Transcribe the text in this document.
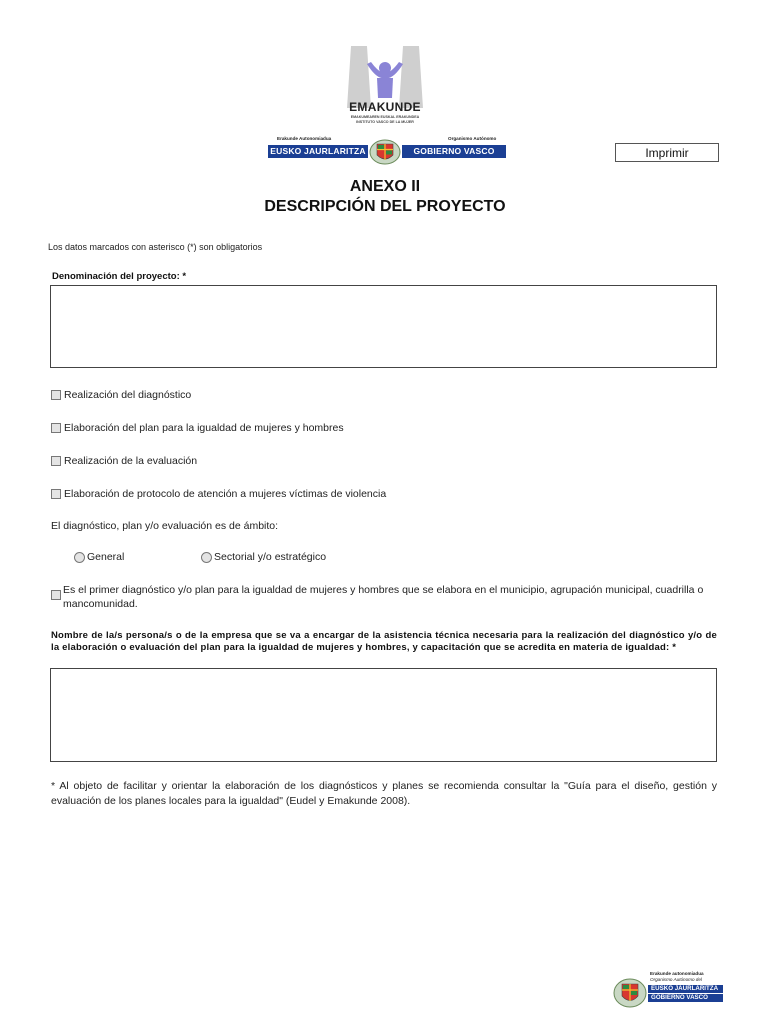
EMAKUNDE
EMAKUMEAREN EUSKAL ERAKUNDEA
INSTITUTO VASCO DE LA MUJER
Erakunde Autonomiadua	Organismo Autónomo
EUSKO JAURLARITZA	GOBIERNO VASCO	Imprimir
ANEXO II
DESCRIPCIÓN DEL PROYECTO
Los datos marcados con asterisco (*) son obligatorios
Denominación del proyecto: *
Realización del diagnóstico
Elaboración del plan para la igualdad de mujeres y hombres
Realización de la evaluación
Elaboración de protocolo de atención a mujeres víctimas de violencia
El diagnóstico, plan y/o evaluación es de ámbito:
General	Sectorial y/o estratégico
Es el primer diagnóstico y/o plan para la igualdad de mujeres y hombres que se elabora en el municipio, agrupación municipal, cuadrilla o mancomunidad.
Nombre de la/s persona/s o de la empresa que se va a encargar de la asistencia técnica necesaria para la realización del diagnóstico y/o de la elaboración o evaluación del plan para la igualdad de mujeres y hombres, y capacitación que se acredita en materia de igualdad: *
* Al objeto de facilitar y orientar la elaboración de los diagnósticos y planes se recomienda consultar la "Guía para el diseño, gestión y evaluación de los planes locales para la igualdad" (Eudel y Emakunde 2008).
Erakunde autonomiadua
Organismo Autónomo del
EUSKO JAURLARITZA
GOBIERNO VASCO
